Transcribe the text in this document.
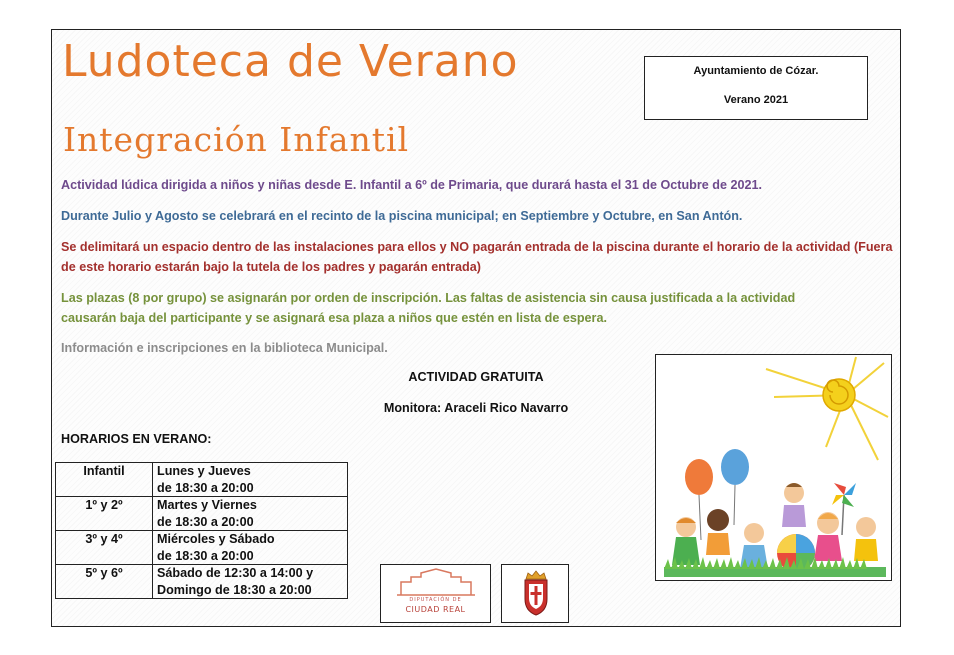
Ludoteca de Verano
Integración Infantil
Ayuntamiento de Cózar.
Verano 2021
Actividad lúdica dirigida a niños y niñas desde E. Infantil a 6º de Primaria, que durará hasta el 31 de Octubre de 2021.
Durante Julio y Agosto se celebrará en el recinto de la piscina municipal; en Septiembre y Octubre, en San Antón.
Se delimitará un espacio dentro de las instalaciones para ellos y NO pagarán entrada de la piscina durante el horario de la actividad (Fuera de este horario estarán bajo la tutela de los padres y pagarán entrada)
Las plazas (8 por grupo) se asignarán por orden de inscripción. Las faltas de asistencia sin causa justificada a la actividad causarán baja del participante y se asignará esa plaza a niños que estén en lista de espera.
Información e inscripciones en la biblioteca Municipal.
ACTIVIDAD GRATUITA
Monitora: Araceli Rico Navarro
HORARIOS EN VERANO:
Infantil	Lunes y Jueves
de 18:30 a 20:00

1º y 2º	Martes y Viernes
de 18:30 a 20:00

3º y 4º	Miércoles y Sábado
de 18:30 a 20:00

5º y 6º	Sábado de 12:30 a 14:00 y
Domingo de 18:30 a 20:00
DIPUTACIÓN DE
CIUDAD REAL
